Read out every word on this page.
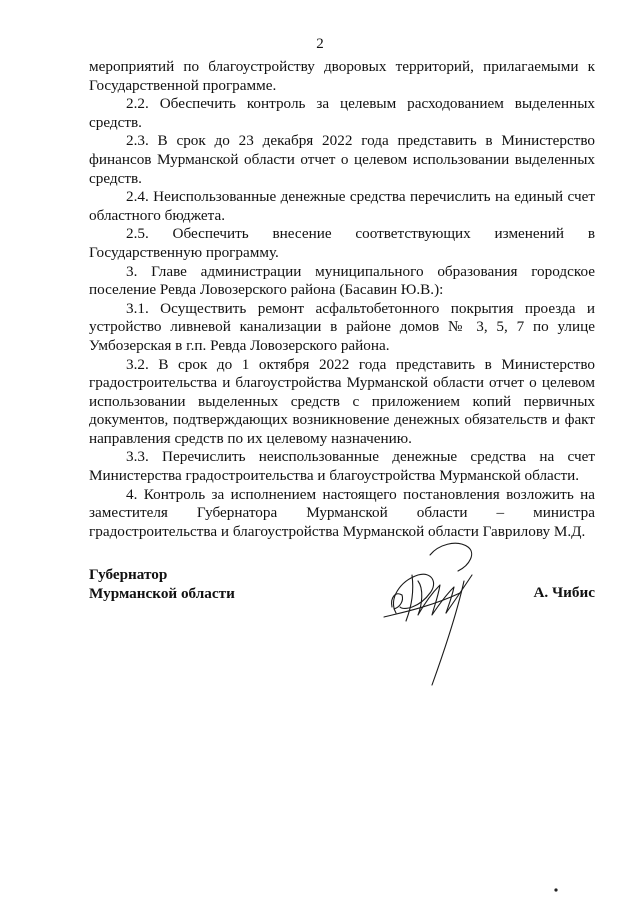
2

мероприятий по благоустройству дворовых территорий, прилагаемыми к Государственной программе.

2.2. Обеспечить контроль за целевым расходованием выделенных средств.

2.3. В срок до 23 декабря 2022 года представить в Министерство финансов Мурманской области отчет о целевом использовании выделенных средств.

2.4. Неиспользованные денежные средства перечислить на единый счет областного бюджета.

2.5. Обеспечить внесение соответствующих изменений в Государственную программу.

3. Главе администрации муниципального образования городское поселение Ревда Ловозерского района (Басавин Ю.В.):

3.1. Осуществить ремонт асфальтобетонного покрытия проезда и устройство ливневой канализации в районе домов № 3, 5, 7 по улице Умбозерская в г.п. Ревда Ловозерского района.

3.2. В срок до 1 октября 2022 года представить в Министерство градостроительства и благоустройства Мурманской области отчет о целевом использовании выделенных средств с приложением копий первичных документов, подтверждающих возникновение денежных обязательств и факт направления средств по их целевому назначению.

3.3. Перечислить неиспользованные денежные средства на счет Министерства градостроительства и благоустройства Мурманской области.

4. Контроль за исполнением настоящего постановления возложить на заместителя Губернатора Мурманской области – министра градостроительства и благоустройства Мурманской области Гаврилову М.Д.

Губернатор
Мурманской области	А. Чибис
